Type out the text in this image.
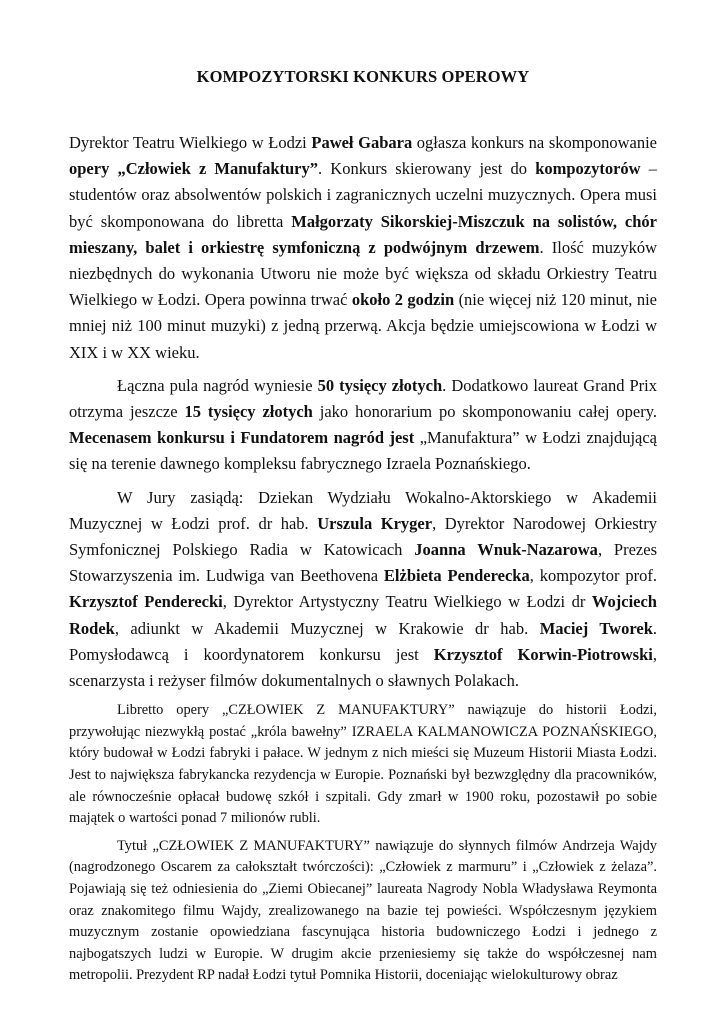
KOMPOZYTORSKI KONKURS OPEROWY

Dyrektor Teatru Wielkiego w Łodzi Paweł Gabara ogłasza konkurs na skomponowanie opery „Człowiek z Manufaktury”. Konkurs skierowany jest do kompozytorów – studentów oraz absolwentów polskich i zagranicznych uczelni muzycznych. Opera musi być skomponowana do libretta Małgorzaty Sikorskiej-Miszczuk na solistów, chór mieszany, balet i orkiestrę symfoniczną z podwójnym drzewem. Ilość muzyków niezbędnych do wykonania Utworu nie może być większa od składu Orkiestry Teatru Wielkiego w Łodzi. Opera powinna trwać około 2 godzin (nie więcej niż 120 minut, nie mniej niż 100 minut muzyki) z jedną przerwą. Akcja będzie umiejscowiona w Łodzi w XIX i w XX wieku.

Łączna pula nagród wyniesie 50 tysięcy złotych. Dodatkowo laureat Grand Prix otrzyma jeszcze 15 tysięcy złotych jako honorarium po skomponowaniu całej opery. Mecenasem konkursu i Fundatorem nagród jest „Manufaktura” w Łodzi znajdującą się na terenie dawnego kompleksu fabrycznego Izraela Poznańskiego.

W Jury zasiądą: Dziekan Wydziału Wokalno-Aktorskiego w Akademii Muzycznej w Łodzi prof. dr hab. Urszula Kryger, Dyrektor Narodowej Orkiestry Symfonicznej Polskiego Radia w Katowicach Joanna Wnuk-Nazarowa, Prezes Stowarzyszenia im. Ludwiga van Beethovena Elżbieta Penderecka, kompozytor prof. Krzysztof Penderecki, Dyrektor Artystyczny Teatru Wielkiego w Łodzi dr Wojciech Rodek, adiunkt w Akademii Muzycznej w Krakowie dr hab. Maciej Tworek. Pomysłodawcą i koordynatorem konkursu jest Krzysztof Korwin-Piotrowski, scenarzysta i reżyser filmów dokumentalnych o sławnych Polakach.

Libretto opery „CZŁOWIEK Z MANUFAKTURY” nawiązuje do historii Łodzi, przywołując niezwykłą postać „króla bawełny” IZRAELA KALMANOWICZA POZNAŃSKIEGO, który budował w Łodzi fabryki i pałace. W jednym z nich mieści się Muzeum Historii Miasta Łodzi. Jest to największa fabrykancka rezydencja w Europie. Poznański był bezwzględny dla pracowników, ale równocześnie opłacał budowę szkół i szpitali. Gdy zmarł w 1900 roku, pozostawił po sobie majątek o wartości ponad 7 milionów rubli.

Tytuł „CZŁOWIEK Z MANUFAKTURY” nawiązuje do słynnych filmów Andrzeja Wajdy (nagrodzonego Oscarem za całokształt twórczości): „Człowiek z marmuru” i „Człowiek z żelaza”. Pojawiają się też odniesienia do „Ziemi Obiecanej” laureata Nagrody Nobla Władysława Reymonta oraz znakomitego filmu Wajdy, zrealizowanego na bazie tej powieści. Współczesnym językiem muzycznym zostanie opowiedziana fascynująca historia budowniczego Łodzi i jednego z najbogatszych ludzi w Europie. W drugim akcie przeniesiemy się także do współczesnej nam metropolii. Prezydent RP nadał Łodzi tytuł Pomnika Historii, doceniając wielokulturowy obraz
